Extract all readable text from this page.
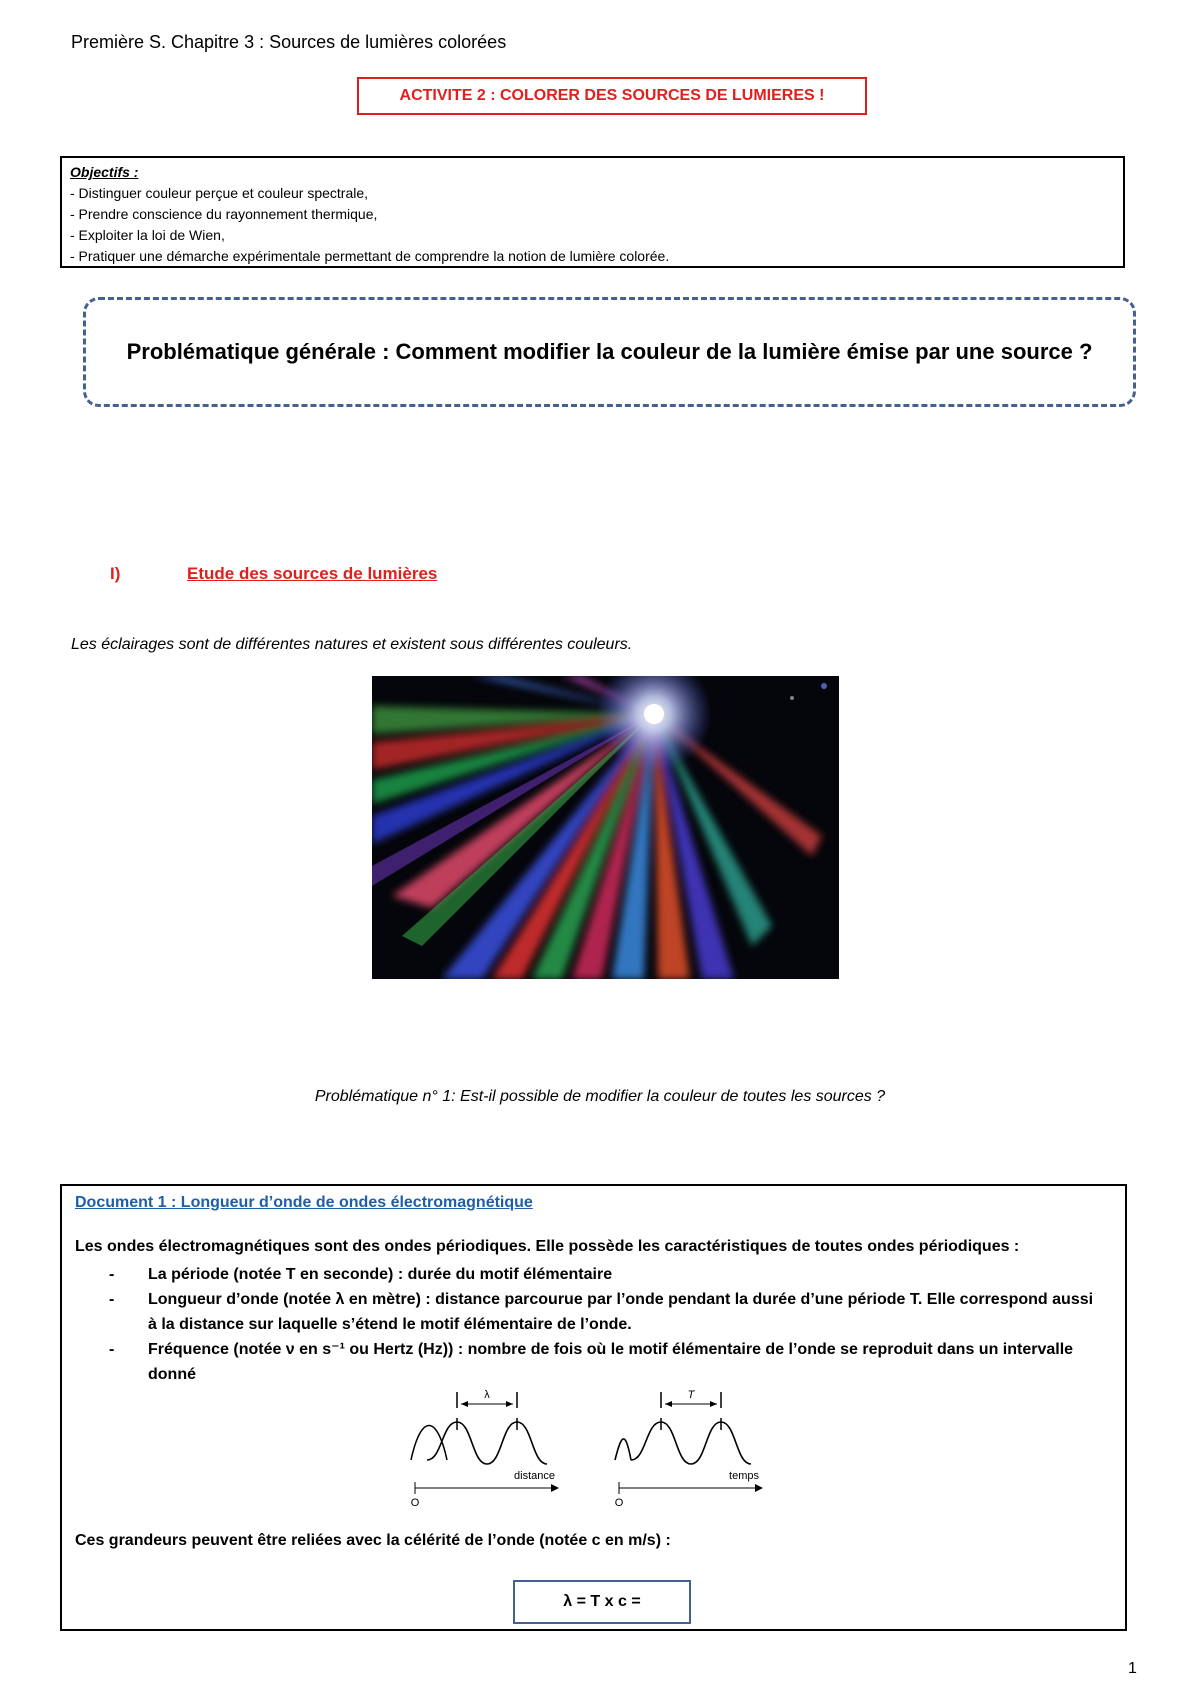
Première S. Chapitre 3 : Sources de lumières colorées
ACTIVITE 2 : COLORER DES SOURCES DE LUMIERES !
Objectifs :
- Distinguer couleur perçue et couleur spectrale,
- Prendre conscience du rayonnement thermique,
- Exploiter la loi de Wien,
- Pratiquer une démarche expérimentale permettant de comprendre la notion de lumière colorée.
Problématique générale : Comment modifier la couleur de la lumière émise par une source ?
I)	Etude des sources de lumières
Les éclairages sont de différentes natures et existent sous différentes couleurs.
Problématique n° 1: Est-il possible de modifier la couleur de toutes les sources ?
Document 1 : Longueur d’onde de ondes électromagnétique
Les ondes électromagnétiques sont des ondes périodiques. Elle possède les caractéristiques de toutes ondes périodiques :
- La période (notée T en seconde) : durée du motif élémentaire
- Longueur d’onde (notée λ en mètre) : distance parcourue par l’onde pendant la durée d’une période T. Elle correspond aussi à la distance sur laquelle s’étend le motif élémentaire de l’onde.
- Fréquence (notée ν en s⁻¹ ou Hertz (Hz)) : nombre de fois où le motif élémentaire de l’onde se reproduit dans un intervalle donné
λ
distance
O
T
temps
O
Ces grandeurs peuvent être reliées avec la célérité de l’onde (notée c en m/s) :
λ = T x c =
1
